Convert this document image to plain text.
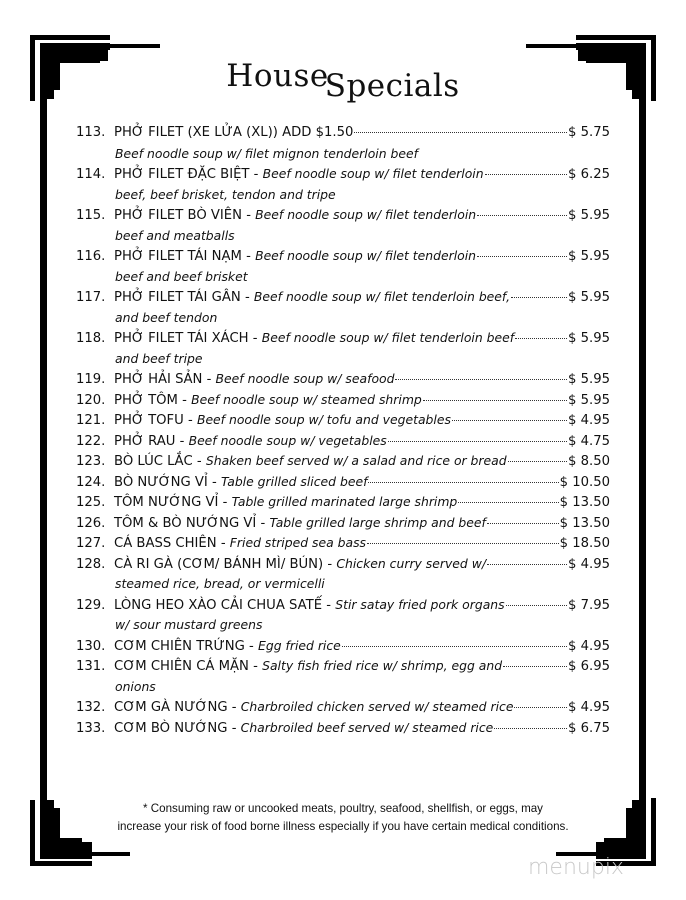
HouseSpecials
113. PHỞ FILET (XE LỬA (XL)) ADD $1.50	$ 5.75
Beef noodle soup w/ filet mignon tenderloin beef
114. PHỞ FILET ĐẶC BIỆT - Beef noodle soup w/ filet tenderloin	$ 6.25
beef, beef brisket, tendon and tripe
115. PHỞ FILET BÒ VIÊN - Beef noodle soup w/ filet tenderloin	$ 5.95
beef and meatballs
116. PHỞ FILET TÁI NẠM - Beef noodle soup w/ filet tenderloin	$ 5.95
beef and beef brisket
117. PHỞ FILET TÁI GÂN - Beef noodle soup w/ filet tenderloin beef,	$ 5.95
and beef tendon
118. PHỞ FILET TÁI XÁCH - Beef noodle soup w/ filet tenderloin beef	$ 5.95
and beef tripe
119. PHỞ HẢI SẢN - Beef noodle soup w/ seafood	$ 5.95
120. PHỞ TÔM - Beef noodle soup w/ steamed shrimp	$ 5.95
121. PHỞ TOFU - Beef noodle soup w/ tofu and vegetables	$ 4.95
122. PHỞ RAU - Beef noodle soup w/ vegetables	$ 4.75
123. BÒ LÚC LẮC - Shaken beef served w/ a salad and rice or bread	$ 8.50
124. BÒ NƯỚNG VỈ - Table grilled sliced beef	$ 10.50
125. TÔM NƯỚNG VỈ - Table grilled marinated large shrimp	$ 13.50
126. TÔM & BÒ NƯỚNG VỈ - Table grilled large shrimp and beef	$ 13.50
127. CÁ BASS CHIÊN - Fried striped sea bass	$ 18.50
128. CÀ RI GÀ (CƠM/ BÁNH MÌ/ BÚN) - Chicken curry served w/	$ 4.95
steamed rice, bread, or vermicelli
129. LÒNG HEO XÀO CẢI CHUA SATẾ - Stir satay fried pork organs	$ 7.95
w/ sour mustard greens
130. CƠM CHIÊN TRỨNG - Egg fried rice	$ 4.95
131. CƠM CHIÊN CÁ MẶN - Salty fish fried rice w/ shrimp, egg and	$ 6.95
onions
132. CƠM GÀ NƯỚNG - Charbroiled chicken served w/ steamed rice	$ 4.95
133. CƠM BÒ NƯỚNG - Charbroiled beef served w/ steamed rice	$ 6.75
* Consuming raw or uncooked meats, poultry, seafood, shellfish, or eggs, may
increase your risk of food borne illness especially if you have certain medical conditions.
menupix
